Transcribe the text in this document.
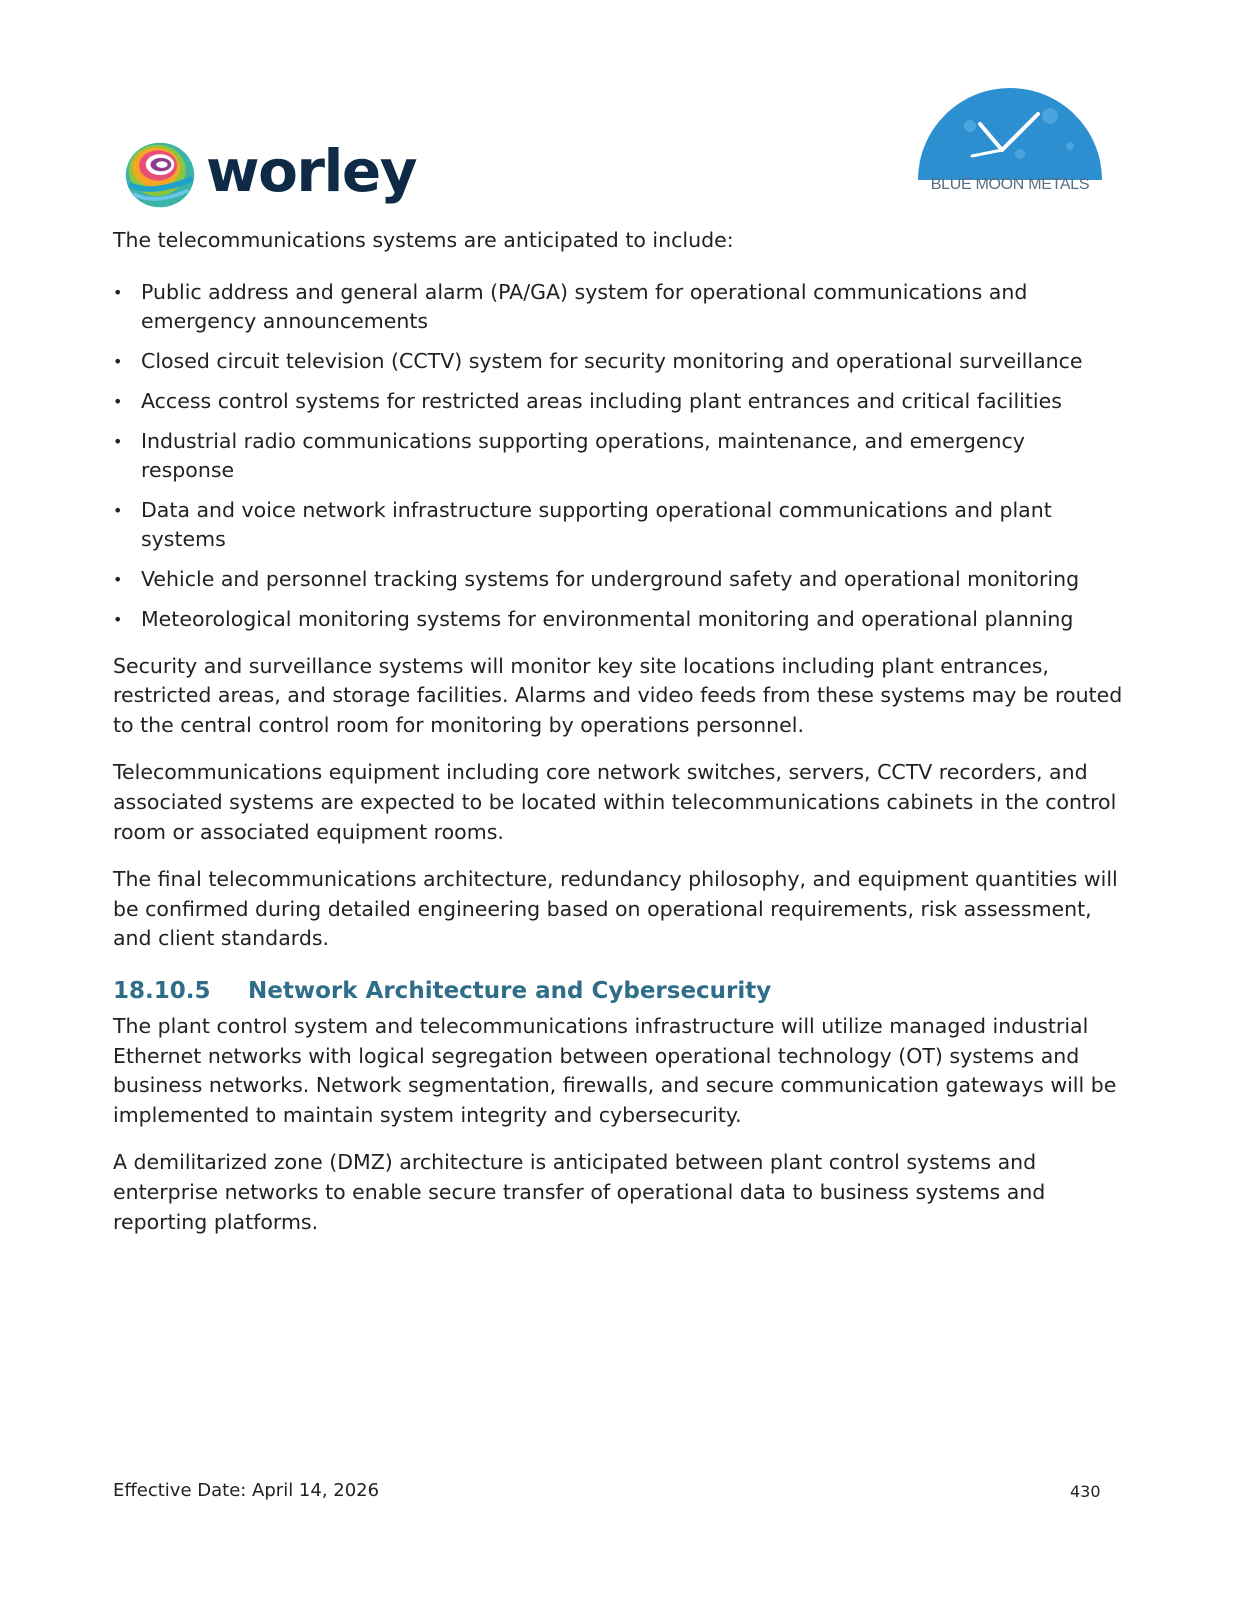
worley	BLUE MOON METALS

The telecommunications systems are anticipated to include:

• Public address and general alarm (PA/GA) system for operational communications and emergency announcements
• Closed circuit television (CCTV) system for security monitoring and operational surveillance
• Access control systems for restricted areas including plant entrances and critical facilities
• Industrial radio communications supporting operations, maintenance, and emergency response
• Data and voice network infrastructure supporting operational communications and plant systems
• Vehicle and personnel tracking systems for underground safety and operational monitoring
• Meteorological monitoring systems for environmental monitoring and operational planning

Security and surveillance systems will monitor key site locations including plant entrances, restricted areas, and storage facilities. Alarms and video feeds from these systems may be routed to the central control room for monitoring by operations personnel.

Telecommunications equipment including core network switches, servers, CCTV recorders, and associated systems are expected to be located within telecommunications cabinets in the control room or associated equipment rooms.

The final telecommunications architecture, redundancy philosophy, and equipment quantities will be confirmed during detailed engineering based on operational requirements, risk assessment, and client standards.

18.10.5	Network Architecture and Cybersecurity

The plant control system and telecommunications infrastructure will utilize managed industrial Ethernet networks with logical segregation between operational technology (OT) systems and business networks. Network segmentation, firewalls, and secure communication gateways will be implemented to maintain system integrity and cybersecurity.

A demilitarized zone (DMZ) architecture is anticipated between plant control systems and enterprise networks to enable secure transfer of operational data to business systems and reporting platforms.

Effective Date: April 14, 2026	430
